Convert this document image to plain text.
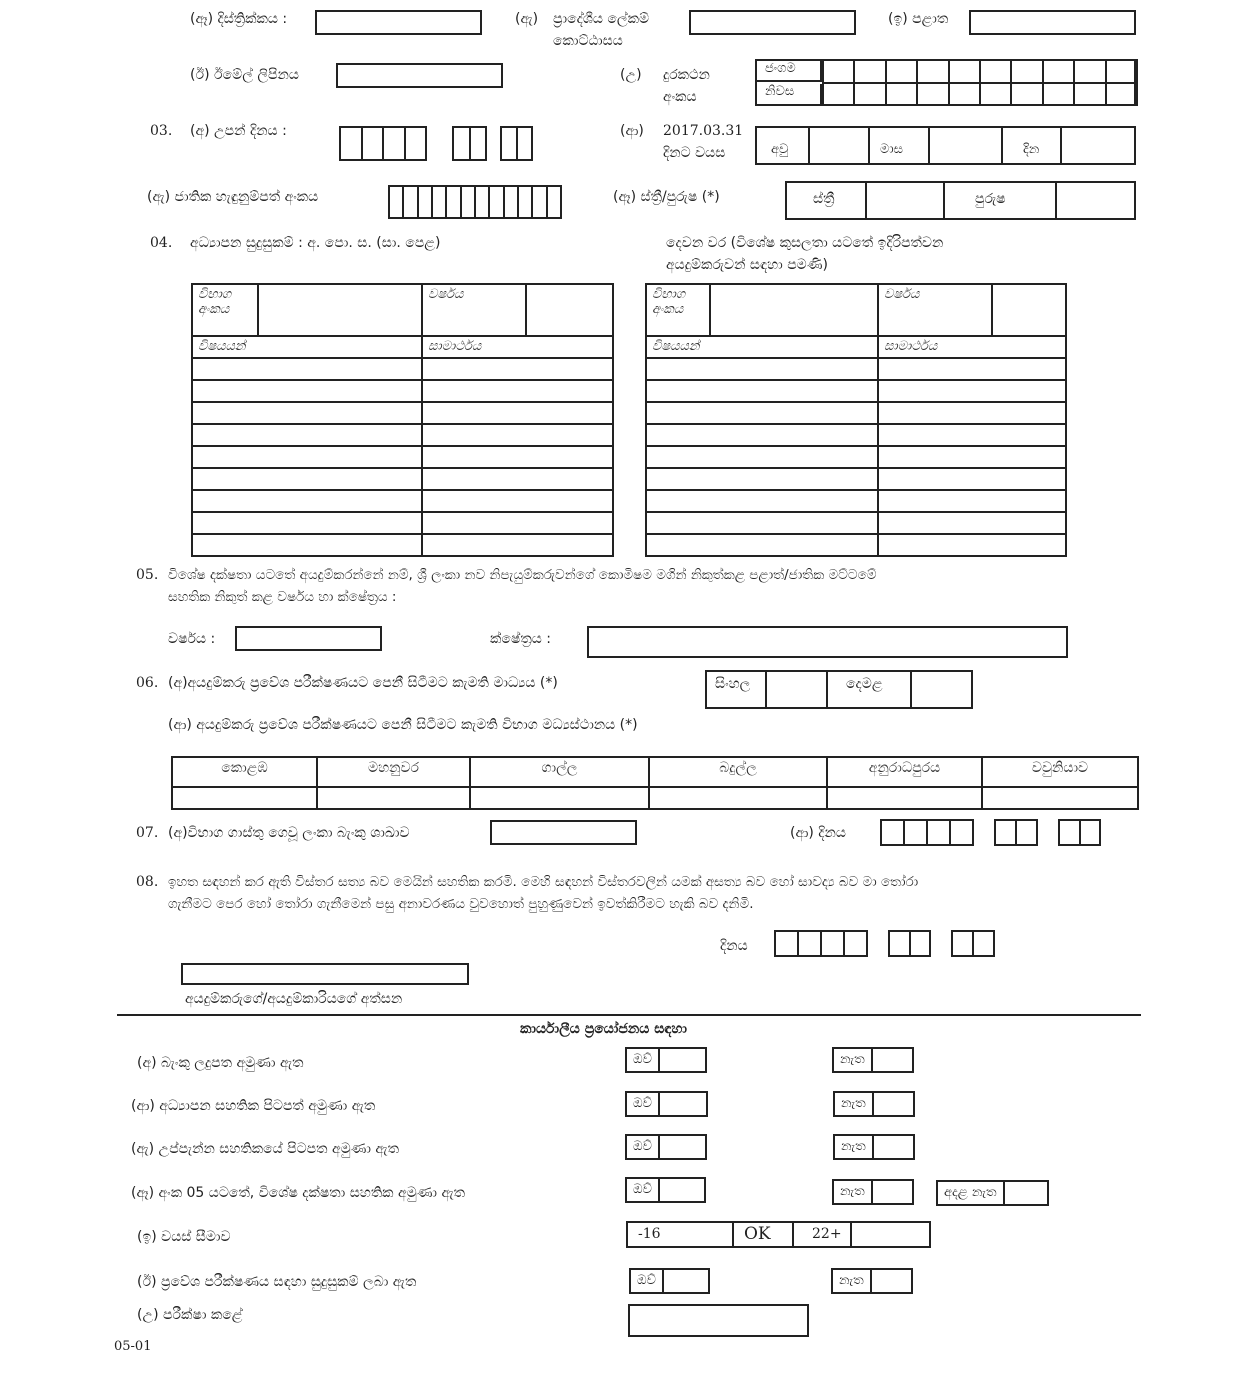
(ඈ) දිස්ත්‍රික්කය :	(ඇ) ප්‍රාදේශීය ලේකම්
කොට්ඨාසය
(ඉ) පළාත
(ඊ) ඊමේල් ලිපිනය	(උ) දුරකථන
අංකය
ජංගම
නිවස
03. (අ) උපන් දිනය :	(ආ) 2017.03.31
දිනට වයස	අවු	මාස	දින
(ඇ) ජාතික හැඳුනුම්පත් අංකය	(ඈ) ස්ත්‍රී/පුරුෂ (*)	ස්ත්‍රී	පුරුෂ
04. අධ්‍යාපන සුදුසුකම් : අ. පො. ස. (සා. පෙළ)	දෙවන වර (විශේෂ කුසලතා යටතේ ඉදිරිපත්වන
අයදුම්කරුවන් සඳහා පමණි)
විභාග
අංකය		වර්ෂය	
විෂයයන්		සාමාර්ථය	

විභාග
අංකය		වර්ෂය	
විෂයයන්		සාමාර්ථය	

05. විශේෂ දක්ෂතා යටතේ අයදුම්කරන්නේ නම්, ශ්‍රී ලංකා නව නිපැයුම්කරුවන්ගේ කොමිෂම මගින් නිකුත්කළ පළාත්/ජාතික මට්ටමේ
සහතික නිකුත් කළ වර්ෂය හා ක්ෂේත්‍රය :
වර්ෂය :	ක්ෂේත්‍රය :
06. (අ)අයදුම්කරු ප්‍රවේශ පරීක්ෂණයට පෙනී සිටීමට කැමති මාධ්‍යය (*)	සිංහල	දෙමළ
(ආ) අයදුම්කරු ප්‍රවේශ පරීක්ෂණයට පෙනී සිටීමට කැමති විභාග මධ්‍යස්ථානය (*)
කොළඹ	මහනුවර	ගාල්ල	බදුල්ල	අනුරාධපුරය	වවුනියාව

07. (අ)විභාග ගාස්තු ගෙවූ ලංකා බැංකු ශාඛාව	(ආ) දිනය
08. ඉහත සඳහන් කර ඇති විස්තර සත්‍ය බව මෙයින් සහතික කරමි. මෙහි සඳහන් විස්තරවලින් යමක් අසත්‍ය බව හෝ සාවද්‍ය බව මා තෝරා
ගැනීමට පෙර හෝ තෝරා ගැනීමෙන් පසු අනාවරණය වුවහොත් පුහුණුවෙන් ඉවත්කිරීමට හැකි බව දනිමි.
දිනය
අයදුම්කරුගේ/අයදුම්කාරියගේ අත්සන
කාර්යාලීය ප්‍රයෝජනය සඳහා
(අ) බැංකු ලදුපත අමුණා ඇත	ඔව්	නැත
(ආ) අධ්‍යාපන සහතික පිටපත් අමුණා ඇත	ඔව්	නැත
(ඇ) උප්පැන්න සහතිකයේ පිටපත අමුණා ඇත	ඔව්	නැත
(ඈ) අංක 05 යටතේ, විශේෂ දක්ෂතා සහතික අමුණා ඇත	ඔව්	නැත	අදළ නැත
(ඉ) වයස් සීමාව	-16	OK	22+
(ඊ) ප්‍රවේශ පරීක්ෂණය සඳහා සුදුසුකම් ලබා ඇත	ඔව්	නැත
(උ) පරීක්ෂා කළේ
05-01
